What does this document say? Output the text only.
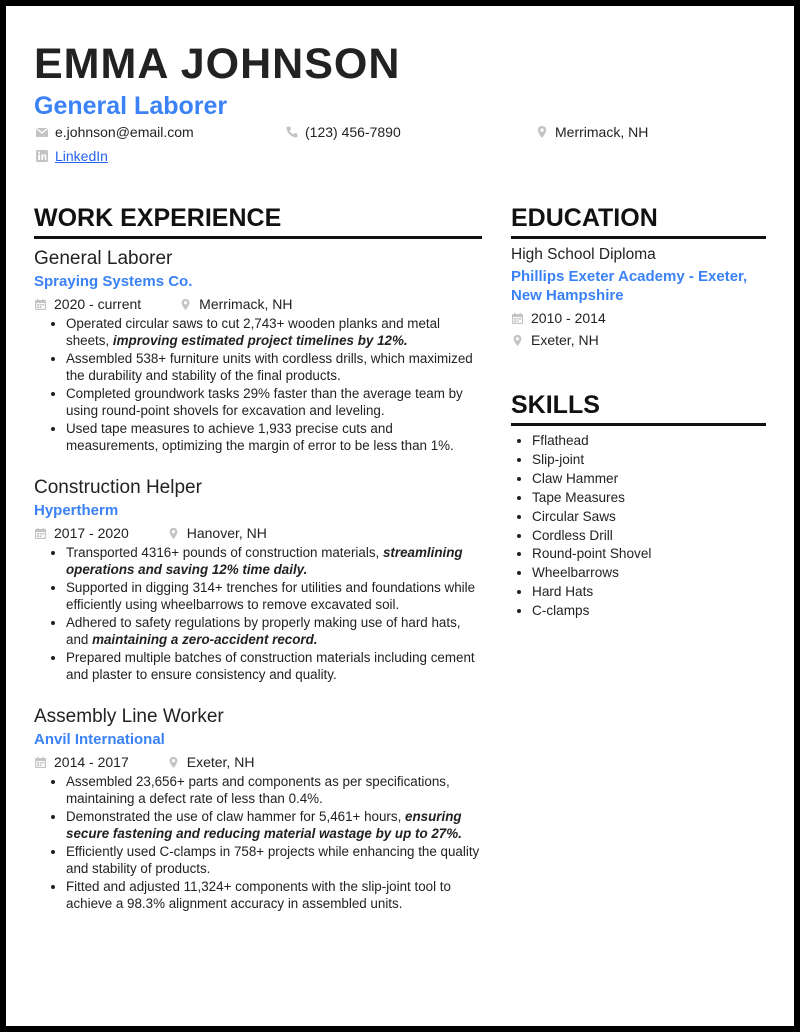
EMMA JOHNSON
General Laborer
e.johnson@email.com	(123) 456-7890	Merrimack, NH
LinkedIn
WORK EXPERIENCE
General Laborer
Spraying Systems Co.
2020 - current	Merrimack, NH
• Operated circular saws to cut 2,743+ wooden planks and metal sheets, improving estimated project timelines by 12%.
• Assembled 538+ furniture units with cordless drills, which maximized the durability and stability of the final products.
• Completed groundwork tasks 29% faster than the average team by using round-point shovels for excavation and leveling.
• Used tape measures to achieve 1,933 precise cuts and measurements, optimizing the margin of error to be less than 1%.
Construction Helper
Hypertherm
2017 - 2020	Hanover, NH
• Transported 4316+ pounds of construction materials, streamlining operations and saving 12% time daily.
• Supported in digging 314+ trenches for utilities and foundations while efficiently using wheelbarrows to remove excavated soil.
• Adhered to safety regulations by properly making use of hard hats, and maintaining a zero-accident record.
• Prepared multiple batches of construction materials including cement and plaster to ensure consistency and quality.
Assembly Line Worker
Anvil International
2014 - 2017	Exeter, NH
• Assembled 23,656+ parts and components as per specifications, maintaining a defect rate of less than 0.4%.
• Demonstrated the use of claw hammer for 5,461+ hours, ensuring secure fastening and reducing material wastage by up to 27%.
• Efficiently used C-clamps in 758+ projects while enhancing the quality and stability of products.
• Fitted and adjusted 11,324+ components with the slip-joint tool to achieve a 98.3% alignment accuracy in assembled units.
EDUCATION
High School Diploma
Phillips Exeter Academy - Exeter, New Hampshire
2010 - 2014
Exeter, NH
SKILLS
• Fflathead
• Slip-joint
• Claw Hammer
• Tape Measures
• Circular Saws
• Cordless Drill
• Round-point Shovel
• Wheelbarrows
• Hard Hats
• C-clamps
